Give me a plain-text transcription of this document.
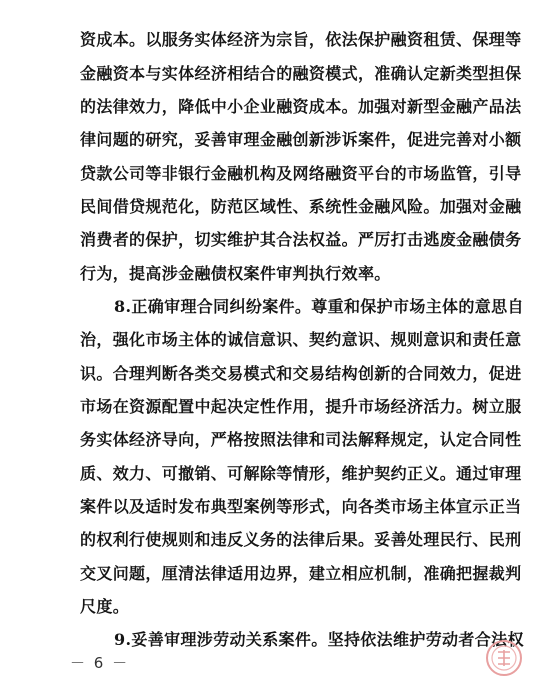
资成本。以服务实体经济为宗旨，依法保护融资租赁、保理等
金融资本与实体经济相结合的融资模式，准确认定新类型担保
的法律效力，降低中小企业融资成本。加强对新型金融产品法
律问题的研究，妥善审理金融创新涉诉案件，促进完善对小额
贷款公司等非银行金融机构及网络融资平台的市场监管，引导
民间借贷规范化，防范区域性、系统性金融风险。加强对金融
消费者的保护，切实维护其合法权益。严厉打击逃废金融债务
行为，提高涉金融债权案件审判执行效率。
8.正确审理合同纠纷案件。尊重和保护市场主体的意思自
治，强化市场主体的诚信意识、契约意识、规则意识和责任意
识。合理判断各类交易模式和交易结构创新的合同效力，促进
市场在资源配置中起决定性作用，提升市场经济活力。树立服
务实体经济导向，严格按照法律和司法解释规定，认定合同性
质、效力、可撤销、可解除等情形，维护契约正义。通过审理
案件以及适时发布典型案例等形式，向各类市场主体宣示正当
的权利行使规则和违反义务的法律后果。妥善处理民行、民刑
交叉问题，厘清法律适用边界，建立相应机制，准确把握裁判
尺度。
9.妥善审理涉劳动关系案件。坚持依法维护劳动者合法权
－ 6 －
